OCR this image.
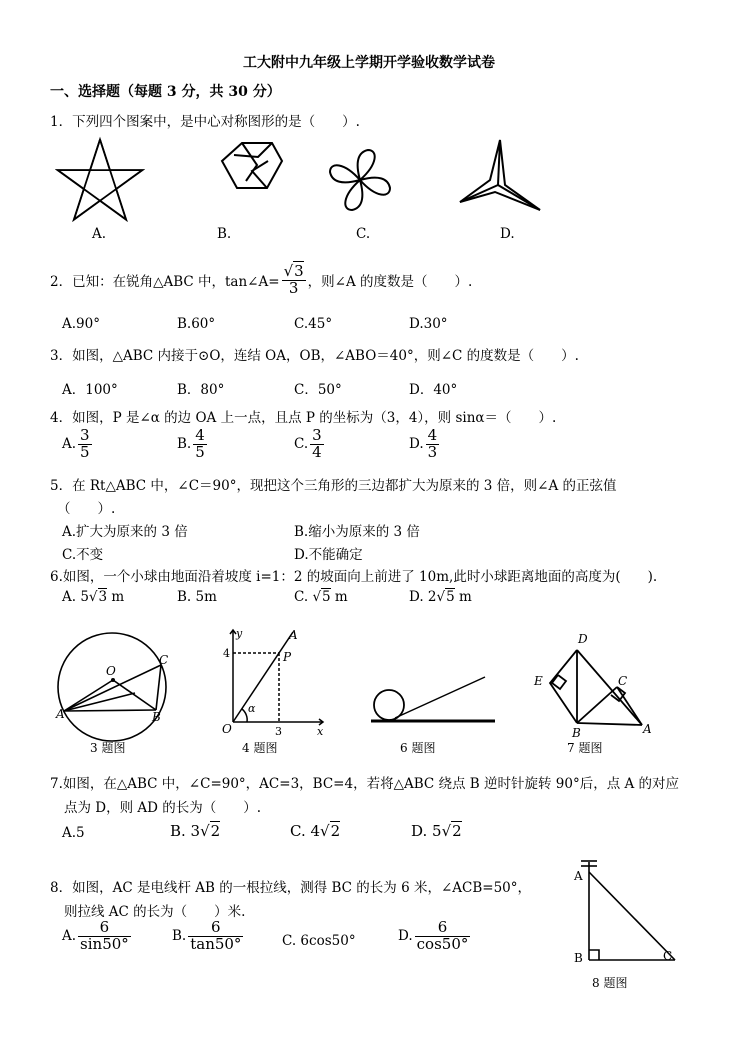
工大附中九年级上学期开学验收数学试卷
一、选择题（每题 3 分，共 30 分）
1．下列四个图案中，是中心对称图形的是（　　）.
A.	B.	C.	D.
2．已知：在锐角△ABC 中，tan∠A= $\frac{√3}{3}$ ，则∠A 的度数是（　　）.
A.90°	B.60°	C.45°	D.30°
3．如图，△ABC 内接于⊙O，连结 OA，OB，∠ABO＝40°，则∠C 的度数是（　　）.
A．100°	B．80°	C．50°	D．40°
4．如图，P 是∠α 的边 OA 上一点，且点 P 的坐标为（3，4），则 sinα＝（　　）.
A. $\frac{3}{5}$	B. $\frac{4}{5}$	C. $\frac{3}{4}$	D. $\frac{4}{3}$
5．在 Rt△ABC 中，∠C＝90°，现把这个三角形的三边都扩大为原来的 3 倍，则∠A 的正弦值
（　　）.
A.扩大为原来的 3 倍	B.缩小为原来的 3 倍
C.不变	D.不能确定
6.如图，一个小球由地面沿着坡度 i=1：2 的坡面向上前进了 10m,此时小球距离地面的高度为(　　).
A. 5√3 m	B. 5m	C. √5 m	D. 2√5 m
O
A	B
C
y
x
O
4
3
P
A
α
D
E	C
B	A
3 题图	4 题图	6 题图	7 题图
7.如图，在△ABC 中，∠C=90°，AC=3，BC=4，若将△ABC 绕点 B 逆时针旋转 90°后，点 A 的对应
点为 D，则 AD 的长为（　　）.
A.5	B. 3√2	C. 4√2	D. 5√2
8．如图，AC 是电线杆 AB 的一根拉线，测得 BC 的长为 6 米，∠ACB=50°，
则拉线 AC 的长为（　　）米.
A. $\frac{6}{\sin 50^\circ}$	B. $\frac{6}{\tan 50^\circ}$	C. 6cos50°	D. $\frac{6}{\cos 50^\circ}$
A
B	C
8 题图
